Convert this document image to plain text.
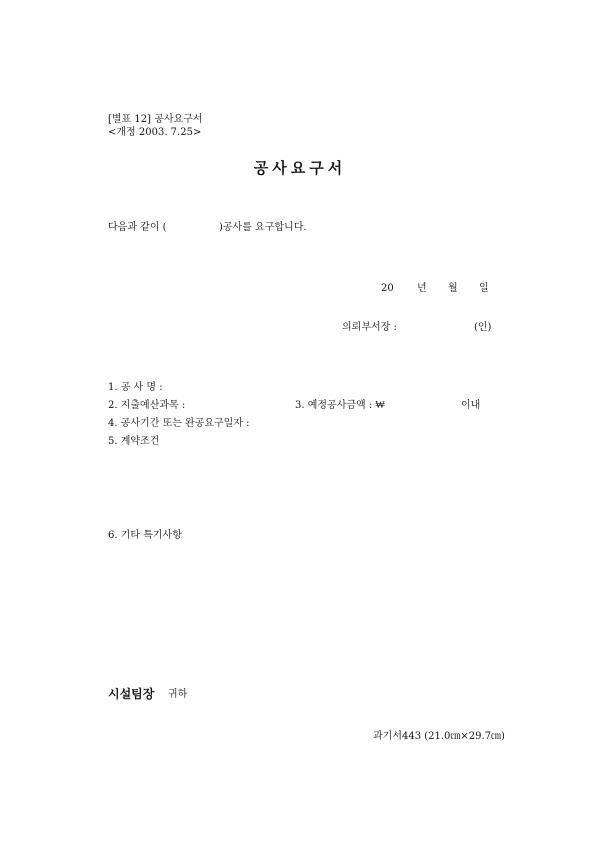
[별표 12] 공사요구서
<개정 2003. 7.25>
공사요구서
다음과 같이 (	)공사를 요구합니다.
20 년 월 일
의뢰부서장 :	(인)
1. 공 사 명 :
2. 지출예산과목 :	3. 예정공사금액 : ₩	이내
4. 공사기간 또는 완공요구일자 :
5. 계약조건
6. 기타 특기사항
시설팀장 귀하
과기서443 (21.0㎝×29.7㎝)
